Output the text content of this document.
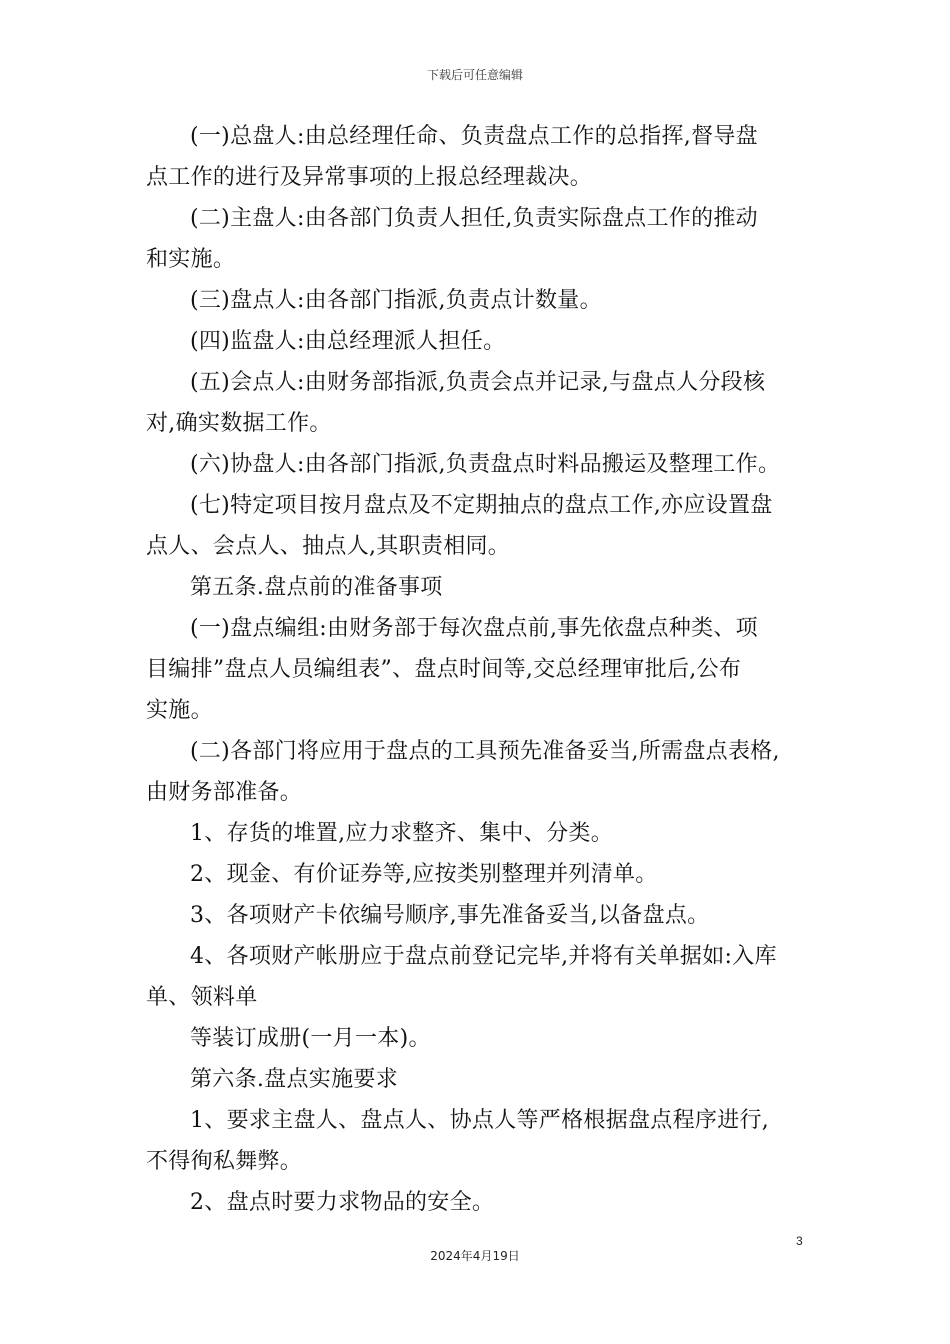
下载后可任意编辑
(一)总盘人:由总经理任命、负责盘点工作的总指挥,督导盘
点工作的进行及异常事项的上报总经理裁决。
(二)主盘人:由各部门负责人担任,负责实际盘点工作的推动
和实施。
(三)盘点人:由各部门指派,负责点计数量。
(四)监盘人:由总经理派人担任。
(五)会点人:由财务部指派,负责会点并记录,与盘点人分段核
对,确实数据工作。
(六)协盘人:由各部门指派,负责盘点时料品搬运及整理工作。
(七)特定项目按月盘点及不定期抽点的盘点工作,亦应设置盘
点人、会点人、抽点人,其职责相同。
第五条.盘点前的准备事项
(一)盘点编组:由财务部于每次盘点前,事先依盘点种类、项
目编排”盘点人员编组表”、盘点时间等,交总经理审批后,公布
实施。
(二)各部门将应用于盘点的工具预先准备妥当,所需盘点表格,
由财务部准备。
1、存货的堆置,应力求整齐、集中、分类。
2、现金、有价证券等,应按类别整理并列清单。
3、各项财产卡依编号顺序,事先准备妥当,以备盘点。
4、各项财产帐册应于盘点前登记完毕,并将有关单据如:入库
单、领料单
等装订成册(一月一本)。
第六条.盘点实施要求
1、要求主盘人、盘点人、协点人等严格根据盘点程序进行,
不得徇私舞弊。
2、盘点时要力求物品的安全。
3
2024年4月19日
